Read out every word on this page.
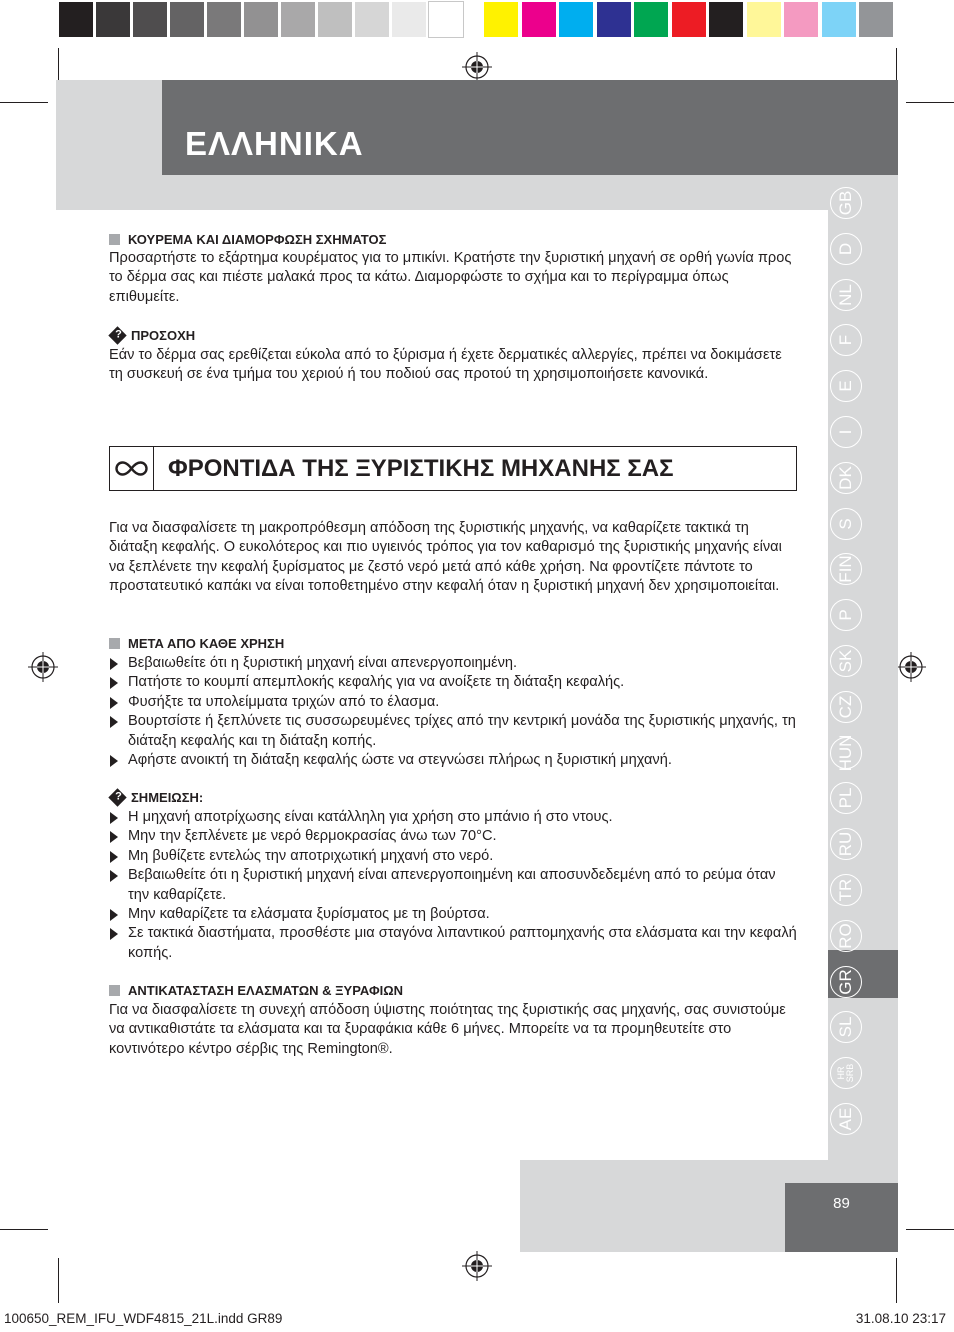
ΕΛΛΗΝΙΚΑ
GB
D
NL
F
E
I
DK
S
FIN
P
SK
CZ
HUN
PL
RU
TR
RO
GR
SL
HR SRB
AE
89
ΚΟΥΡΕΜΑ ΚΑΙ ΔΙΑΜΟΡΦΩΣΗ ΣΧΗΜΑΤΟΣ
Προσαρτήστε το εξάρτημα κουρέματος για το μπικίνι. Κρατήστε την ξυριστική μηχανή σε ορθή γωνία προς το δέρμα σας και πιέστε μαλακά προς τα κάτω. Διαμορφώστε το σχήμα και το περίγραμμα όπως επιθυμείτε.
? ΠΡΟΣΟΧΗ
Εάν το δέρμα σας ερεθίζεται εύκολα από το ξύρισμα ή έχετε δερματικές αλλεργίες, πρέπει να δοκιμάσετε τη συσκευή σε ένα τμήμα του χεριού ή του ποδιού σας προτού τη χρησιμοποιήσετε κανονικά.
ΦΡΟΝΤΙΔΑ ΤΗΣ ΞΥΡΙΣΤΙΚΗΣ ΜΗΧΑΝΗΣ ΣΑΣ
Για να διασφαλίσετε τη μακροπρόθεσμη απόδοση της ξυριστικής μηχανής, να καθαρίζετε τακτικά τη διάταξη κεφαλής. Ο ευκολότερος και πιο υγιεινός τρόπος για τον καθαρισμό της ξυριστικής μηχανής είναι να ξεπλένετε την κεφαλή ξυρίσματος με ζεστό νερό μετά από κάθε χρήση. Να φροντίζετε πάντοτε το προστατευτικό καπάκι να είναι τοποθετημένο στην κεφαλή όταν η ξυριστική μηχανή δεν χρησιμοποιείται.
ΜΕΤΑ ΑΠΟ ΚΑΘΕ ΧΡΗΣΗ
Βεβαιωθείτε ότι η ξυριστική μηχανή είναι απενεργοποιημένη.
Πατήστε το κουμπί απεμπλοκής κεφαλής για να ανοίξετε τη διάταξη κεφαλής.
Φυσήξτε τα υπολείμματα τριχών από το έλασμα.
Βουρτσίστε ή ξεπλύνετε τις συσσωρευμένες τρίχες από την κεντρική μονάδα της ξυριστικής μηχανής, τη διάταξη κεφαλής και τη διάταξη κοπής.
Αφήστε ανοικτή τη διάταξη κεφαλής ώστε να στεγνώσει πλήρως η ξυριστική μηχανή.
? ΣΗΜΕΙΩΣΗ:
Η μηχανή αποτρίχωσης είναι κατάλληλη για χρήση στο μπάνιο ή στο ντους.
Μην την ξεπλένετε με νερό θερμοκρασίας άνω των 70°C.
Μη βυθίζετε εντελώς την αποτριχωτική μηχανή στο νερό.
Βεβαιωθείτε ότι η ξυριστική μηχανή είναι απενεργοποιημένη και αποσυνδεδεμένη από το ρεύμα όταν την καθαρίζετε.
Μην καθαρίζετε τα ελάσματα ξυρίσματος με τη βούρτσα.
Σε τακτικά διαστήματα, προσθέστε μια σταγόνα λιπαντικού ραπτομηχανής στα ελάσματα και την κεφαλή κοπής.
ΑΝΤΙΚΑΤΑΣΤΑΣΗ ΕΛΑΣΜΑΤΩΝ & ΞΥΡΑΦΙΩΝ
Για να διασφαλίσετε τη συνεχή απόδοση ύψιστης ποιότητας της ξυριστικής σας μηχανής, σας συνιστούμε να αντικαθιστάτε τα ελάσματα και τα ξυραφάκια κάθε 6 μήνες. Μπορείτε να τα προμηθευτείτε στο κοντινότερο κέντρο σέρβις της Remington®.
100650_REM_IFU_WDF4815_21L.indd GR89	31.08.10 23:17
